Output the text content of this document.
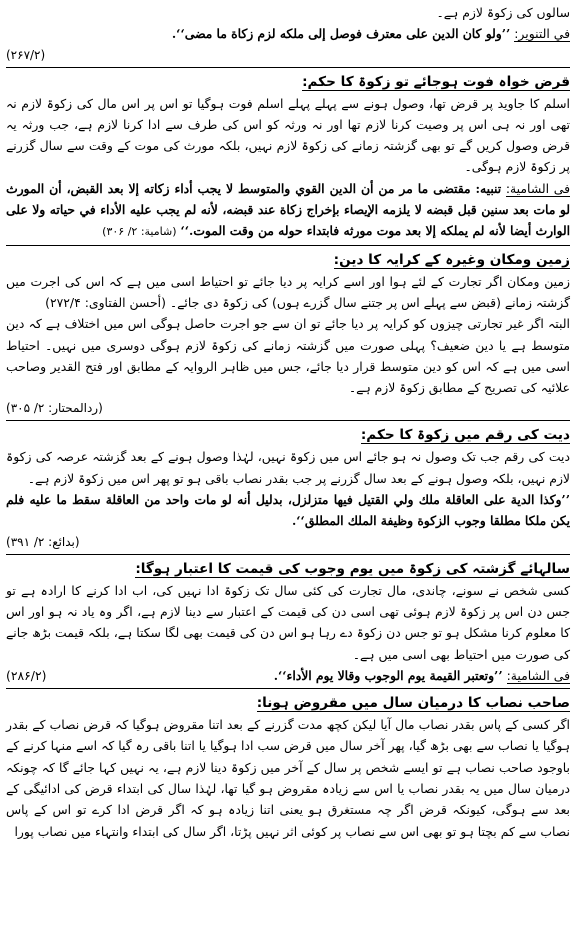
سالوں کی زکوۃ لازم ہے۔

في التنویر: ’’ولو کان الدين على معترف فوصل إلى ملكه لزم زكاة ما مضى‘‘.

(۲۶۷/۲)

قرض خواہ فوت ہوجائے تو زکوۃ کا حکم:

اسلم کا جاوید پر قرض تھا، وصول ہونے سے پہلے پہلے اسلم فوت ہوگیا تو اس پر اس مال کی زکوۃ لازم نہ تھی اور نہ ہی اس پر وصیت کرنا لازم تھا اور نہ ورثہ کو اس کی طرف سے ادا کرنا لازم ہے، جب ورثہ یہ قرض وصول کریں گے تو بھی گزشتہ زمانے کی زکوۃ لازم نہیں، بلکہ مورث کی موت کے وقت سے سال گزرنے پر زکوۃ لازم ہوگی۔

فی الشامية: تنبیه: مقتضى ما مر من أن الدين القوي والمتوسط لا يجب أداء زكاته إلا بعد القبض، أن المورث لو مات بعد سنين قبل قبضه لا يلزمه الإيصاء بإخراج زكاة عند قبضه، لأنه لم يجب عليه الأداء في حياته ولا على الوارث أيضا لأنه لم يملكه إلا بعد موت مورثه فابتداء حوله من وقت الموت.‘‘ (شامیة: ۲/ ۳۰۶)

زمین ومکان وغیرہ کے کرایہ کا دین:

زمین ومکان اگر تجارت کے لئے ہوا اور اسے کرایہ پر دیا جائے تو احتیاط اسی میں ہے کہ اس کی اجرت میں گزشتہ زمانے (قبض سے پہلے اس پر جتنے سال گزرے ہوں) کی زکوۃ دی جائے۔ (أحسن الفتاوی: ۲۷۲/۴)

البتہ اگر غیر تجارتی چیزوں کو کرایہ پر دیا جائے تو ان سے جو اجرت حاصل ہوگی اس میں اختلاف ہے کہ دین متوسط ہے یا دین ضعیف؟ پہلی صورت میں گزشتہ زمانے کی زکوۃ لازم ہوگی دوسری میں نہیں۔ احتیاط اسی میں ہے کہ اس کو دین متوسط قرار دیا جائے، جس میں ظاہر الروایہ کے مطابق اور فتح القدیر وصاحب علائیہ کی تصریح کے مطابق زکوۃ لازم ہے۔

(ردالمحتار: ۲/ ۳۰۵)

دیت کی رقم میں زکوۃ کا حکم:

دیت کی رقم جب تک وصول نہ ہو جائے اس میں زکوۃ نہیں، لہٰذا وصول ہونے کے بعد گزشتہ عرصہ کی زکوۃ لازم نہیں، بلکہ وصول ہونے کے بعد سال گزرنے پر جب بقدر نصاب باقی ہو تو پھر اس میں زکوۃ لازم ہے۔

’’وكذا الدية على العاقلة ملك ولي القتيل فيها متزلزل، بدليل أنه لو مات واحد من العاقلة سقط ما عليه فلم يكن ملكا مطلقا وجوب الزكوة وظيفة الملك المطلق‘‘.

(بدائع: ۲/ ۳۹۱)

سالہائے گزشتہ کی زکوۃ میں یوم وجوب کی قیمت کا اعتبار ہوگا:

کسی شخص نے سونے، چاندی، مال تجارت کی کئی سال تک زکوۃ ادا نہیں کی، اب ادا کرنے کا ارادہ ہے تو جس دن اس پر زکوۃ لازم ہوئی تھی اسی دن کی قیمت کے اعتبار سے دینا لازم ہے، اگر وہ یاد نہ ہو اور اس کا معلوم کرنا مشکل ہو تو جس دن زکوۃ دے رہا ہو اس دن کی قیمت بھی لگا سکتا ہے، بلکہ قیمت بڑھ جانے کی صورت میں احتیاط بھی اسی میں ہے۔

فی الشامية: ’’وتعتبر القيمة يوم الوجوب وقالا يوم الأداء‘‘.
(۲۸۶/۲)

صاحب نصاب کا درمیان سال میں مقروض ہونا:

اگر کسی کے پاس بقدر نصاب مال آیا لیکن کچھ مدت گزرنے کے بعد اتنا مقروض ہوگیا کہ قرض نصاب کے بقدر ہوگیا یا نصاب سے بھی بڑھ گیا، پھر آخر سال میں قرض سب ادا ہوگیا یا اتنا باقی رہ گیا کہ اسے منہا کرنے کے باوجود صاحب نصاب ہے تو ایسے شخص پر سال کے آخر میں زکوۃ دینا لازم ہے، یہ نہیں کہا جائے گا کہ چونکہ درمیان سال میں یہ بقدر نصاب یا اس سے زیادہ مقروض ہو گیا تھا، لہٰذا سال کی ابتداء قرض کی ادائیگی کے بعد سے ہوگی، کیونکہ قرض اگر چہ مستغرق ہو یعنی اتنا زیادہ ہو کہ اگر قرض ادا کرے تو اس کے پاس نصاب سے کم بچتا ہو تو بھی اس سے نصاب پر کوئی اثر نہیں پڑتا، اگر سال کی ابتداء وانتہاء میں نصاب پورا
